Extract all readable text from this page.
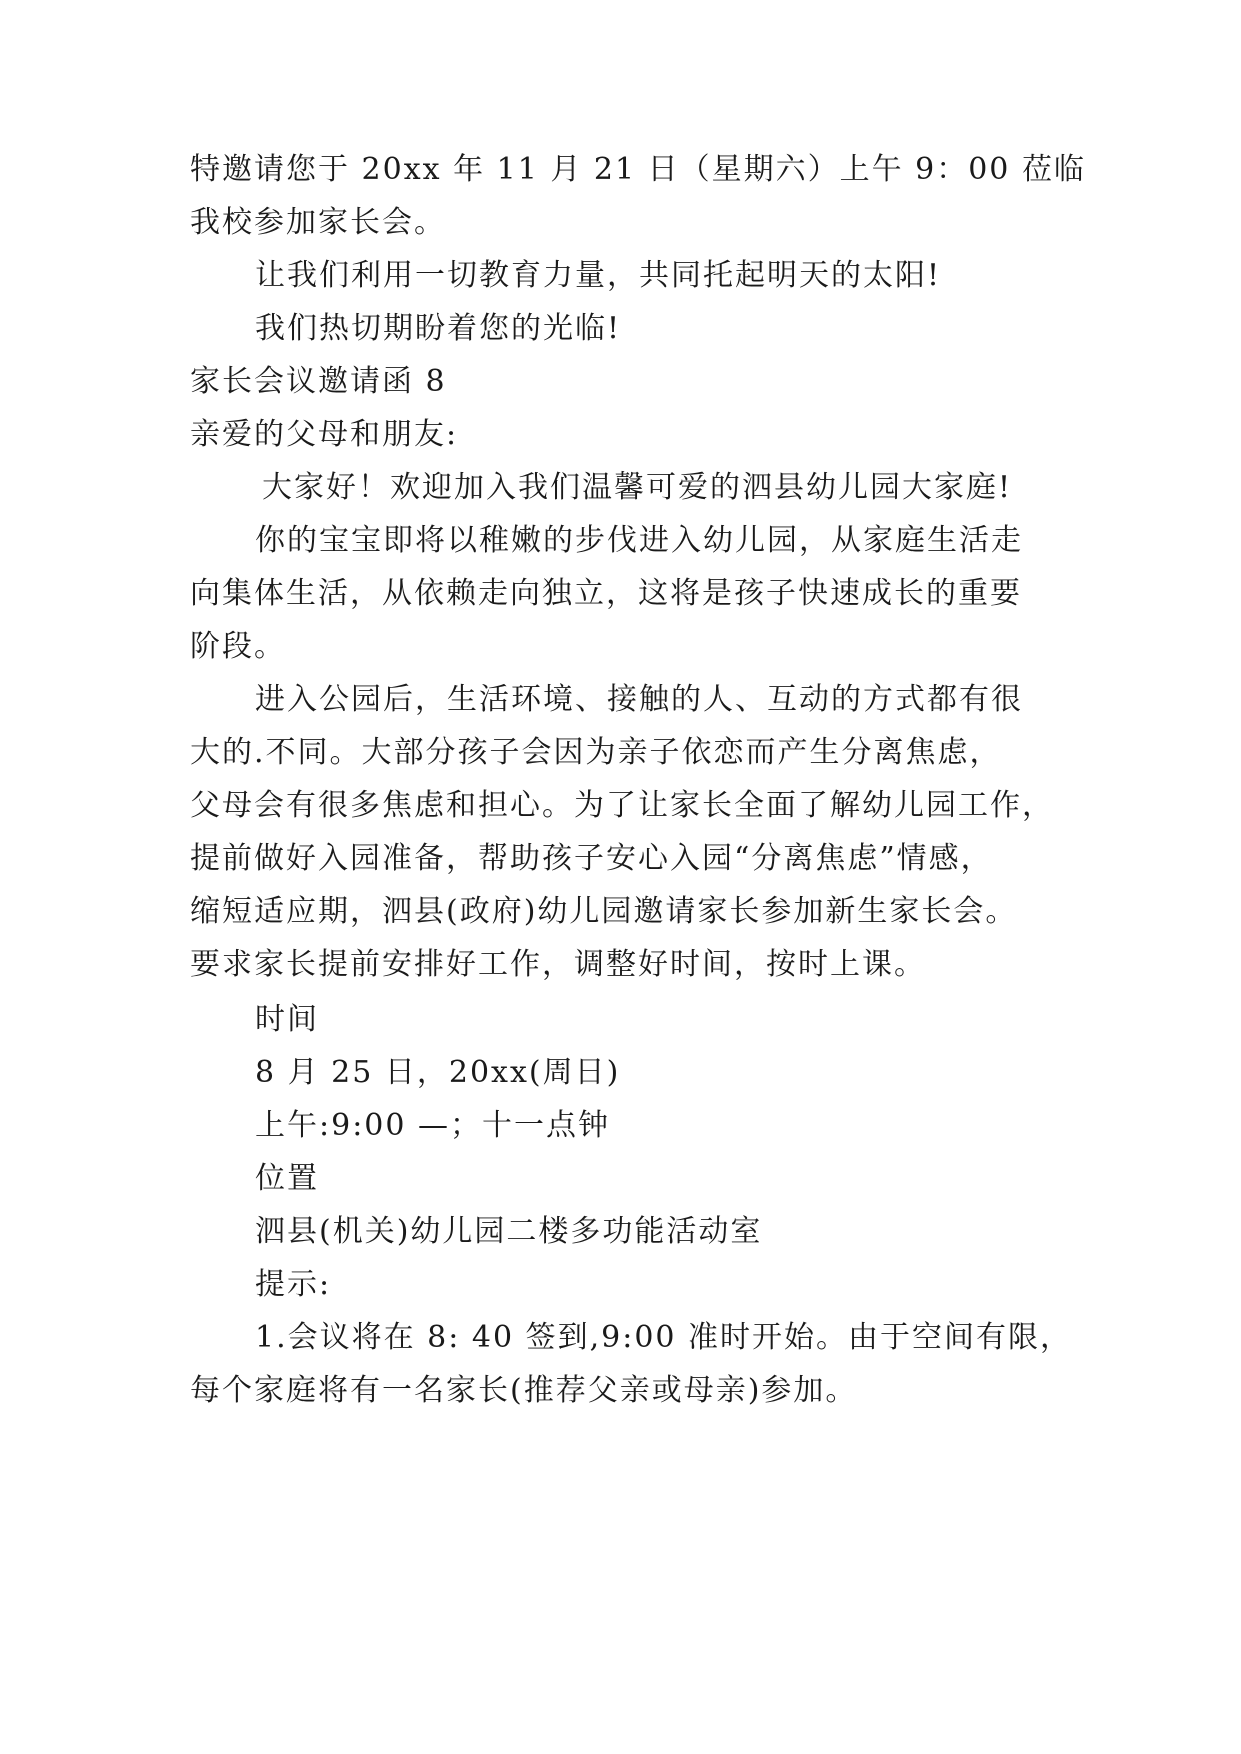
特邀请您于 20xx 年 11 月 21 日（星期六）上午 9：00 莅临
我校参加家长会。
让我们利用一切教育力量，共同托起明天的太阳!
我们热切期盼着您的光临!
家长会议邀请函 8
亲爱的父母和朋友:
大家好！欢迎加入我们温馨可爱的泗县幼儿园大家庭!
你的宝宝即将以稚嫩的步伐进入幼儿园，从家庭生活走
向集体生活，从依赖走向独立，这将是孩子快速成长的重要
阶段。
进入公园后，生活环境、接触的人、互动的方式都有很
大的.不同。大部分孩子会因为亲子依恋而产生分离焦虑，
父母会有很多焦虑和担心。为了让家长全面了解幼儿园工作，
提前做好入园准备，帮助孩子安心入园“分离焦虑”情感，
缩短适应期，泗县(政府)幼儿园邀请家长参加新生家长会。
要求家长提前安排好工作，调整好时间，按时上课。
时间
8 月 25 日，20xx(周日)
上午:9:00 —；十一点钟
位置
泗县(机关)幼儿园二楼多功能活动室
提示:
1.会议将在 8: 40 签到,9:00 准时开始。由于空间有限，
每个家庭将有一名家长(推荐父亲或母亲)参加。
